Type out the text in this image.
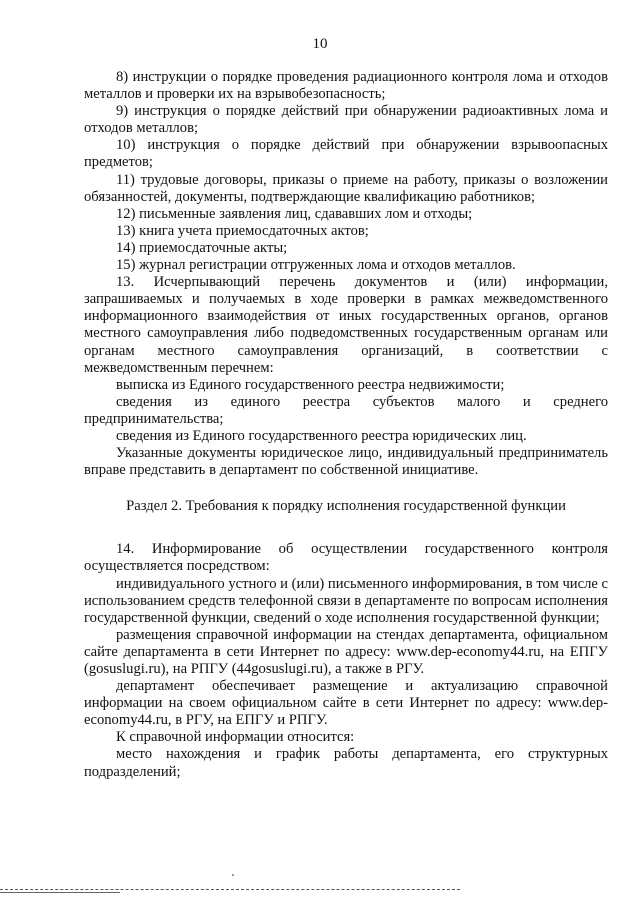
10

8) инструкции о порядке проведения радиационного контроля лома и отходов металлов и проверки их на взрывобезопасность;

9) инструкция о порядке действий при обнаружении радиоактивных лома и отходов металлов;

10) инструкция о порядке действий при обнаружении взрывоопасных предметов;

11) трудовые договоры, приказы о приеме на работу, приказы о возложении обязанностей, документы, подтверждающие квалификацию работников;

12) письменные заявления лиц, сдававших лом и отходы;

13) книга учета приемосдаточных актов;

14) приемосдаточные акты;

15) журнал регистрации отгруженных лома и отходов металлов.

13. Исчерпывающий перечень документов и (или) информации, запрашиваемых и получаемых в ходе проверки в рамках межведомственного информационного взаимодействия от иных государственных органов, органов местного самоуправления либо подведомственных государственным органам или органам местного самоуправления организаций, в соответствии с межведомственным перечнем:

выписка из Единого государственного реестра недвижимости;

сведения из единого реестра субъектов малого и среднего предпринимательства;

сведения из Единого государственного реестра юридических лиц.

Указанные документы юридическое лицо, индивидуальный предприниматель вправе представить в департамент по собственной инициативе.

Раздел 2. Требования к порядку исполнения государственной функции

14. Информирование об осуществлении государственного контроля осуществляется посредством:

индивидуального устного и (или) письменного информирования, в том числе с использованием средств телефонной связи в департаменте по вопросам исполнения государственной функции, сведений о ходе исполнения государственной функции;

размещения справочной информации на стендах департамента, официальном сайте департамента в сети Интернет по адресу: www.dep-economy44.ru, на ЕПГУ (gosuslugi.ru), на РПГУ (44gosuslugi.ru), а также в РГУ.

департамент обеспечивает размещение и актуализацию справочной информации на своем официальном сайте в сети Интернет по адресу: www.dep-economy44.ru, в РГУ, на ЕПГУ и РПГУ.

К справочной информации относится:

место нахождения и график работы департамента, его структурных подразделений;
